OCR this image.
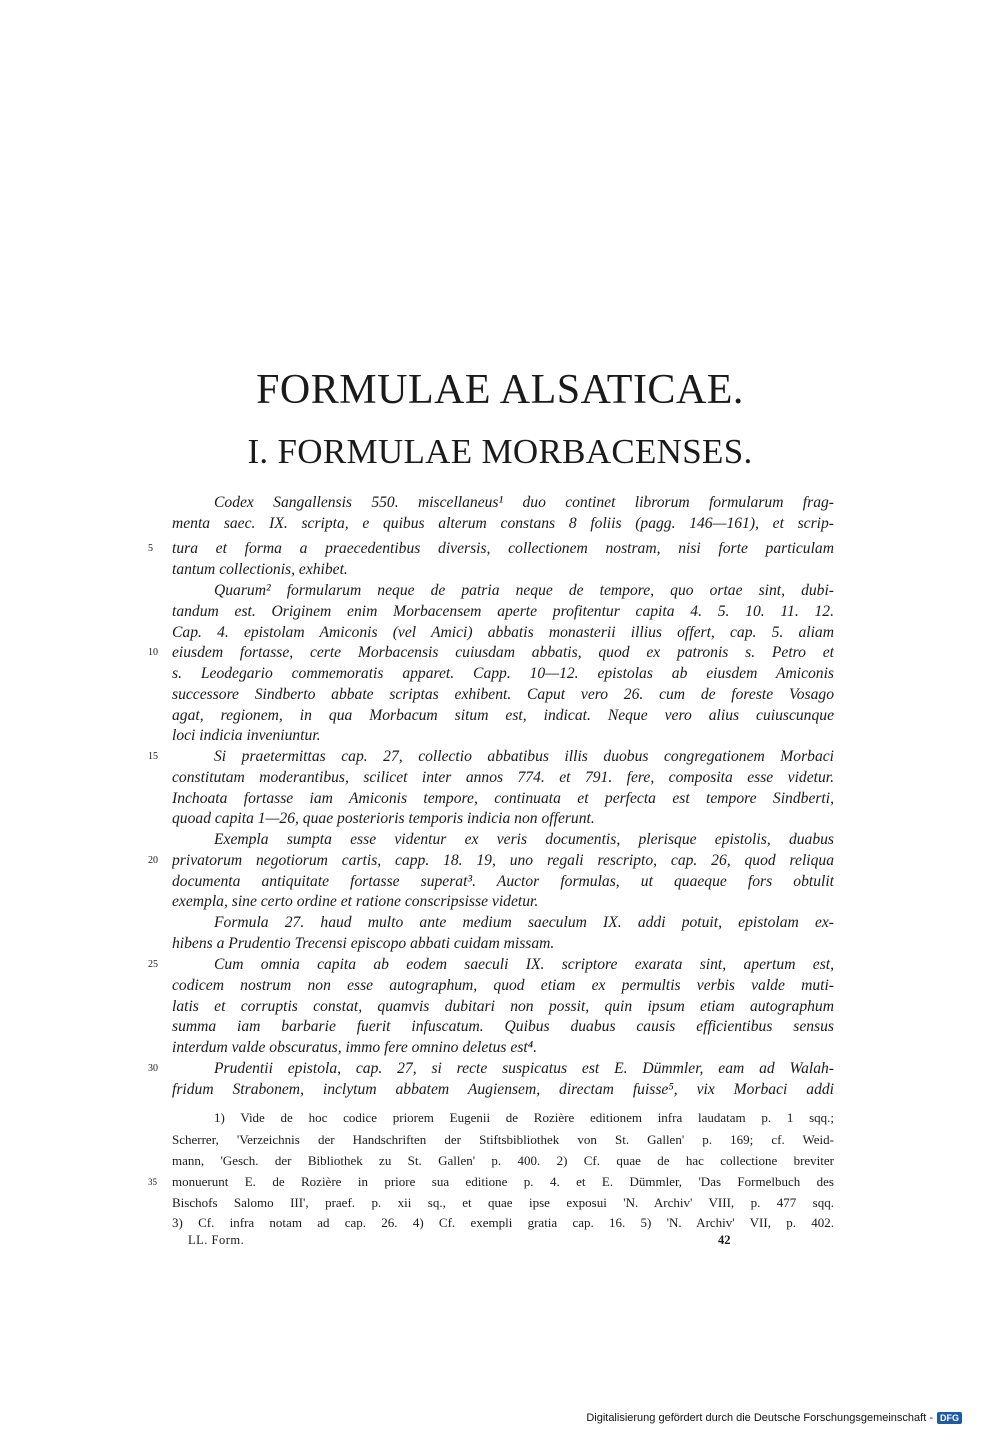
FORMULAE ALSATICAE.
I. FORMULAE MORBACENSES.
Codex Sangallensis 550. miscellaneus¹ duo continet librorum formularum frag-
menta saec. IX. scripta, e quibus alterum constans 8 foliis (pagg. 146—161), et scrip-
tura et forma a praecedentibus diversis, collectionem nostram, nisi forte particulam
tantum collectionis, exhibet.
Quarum² formularum neque de patria neque de tempore, quo ortae sint, dubi-
tandum est. Originem enim Morbacensem aperte profitentur capita 4. 5. 10. 11. 12.
Cap. 4. epistolam Amiconis (vel Amici) abbatis monasterii illius offert, cap. 5. aliam
eiusdem fortasse, certe Morbacensis cuiusdam abbatis, quod ex patronis s. Petro et
s. Leodegario commemoratis apparet. Capp. 10—12. epistolas ab eiusdem Amiconis
successore Sindberto abbate scriptas exhibent. Caput vero 26. cum de foreste Vosago
agat, regionem, in qua Morbacum situm est, indicat. Neque vero alius cuiuscunque
loci indicia inveniuntur.
Si praetermittas cap. 27, collectio abbatibus illis duobus congregationem Morbaci
constitutam moderantibus, scilicet inter annos 774. et 791. fere, composita esse videtur.
Inchoata fortasse iam Amiconis tempore, continuata et perfecta est tempore Sindberti,
quoad capita 1—26, quae posterioris temporis indicia non offerunt.
Exempla sumpta esse videntur ex veris documentis, plerisque epistolis, duabus
privatorum negotiorum cartis, capp. 18. 19, uno regali rescripto, cap. 26, quod reliqua
documenta antiquitate fortasse superat³. Auctor formulas, ut quaeque fors obtulit
exempla, sine certo ordine et ratione conscripsisse videtur.
Formula 27. haud multo ante medium saeculum IX. addi potuit, epistolam ex-
hibens a Prudentio Trecensi episcopo abbati cuidam missam.
Cum omnia capita ab eodem saeculi IX. scriptore exarata sint, apertum est,
codicem nostrum non esse autographum, quod etiam ex permultis verbis valde muti-
latis et corruptis constat, quamvis dubitari non possit, quin ipsum etiam autographum
summa iam barbarie fuerit infuscatum. Quibus duabus causis efficientibus sensus
interdum valde obscuratus, immo fere omnino deletus est⁴.
Prudentii epistola, cap. 27, si recte suspicatus est E. Dümmler, eam ad Walah-
fridum Strabonem, inclytum abbatem Augiensem, directam fuisse⁵, vix Morbaci addi
5
10
15
20
25
30
1) Vide de hoc codice priorem Eugenii de Rozière editionem infra laudatam p. 1 sqq.;
Scherrer, 'Verzeichnis der Handschriften der Stiftsbibliothek von St. Gallen' p. 169; cf. Weid-
mann, 'Gesch. der Bibliothek zu St. Gallen' p. 400. 2) Cf. quae de hac collectione breviter
monuerunt E. de Rozière in priore sua editione p. 4. et E. Dümmler, 'Das Formelbuch des
Bischofs Salomo III', praef. p. xii sq., et quae ipse exposui 'N. Archiv' VIII, p. 477 sqq.
3) Cf. infra notam ad cap. 26. 4) Cf. exempli gratia cap. 16. 5) 'N. Archiv' VII, p. 402.
35
LL. Form.	42
Digitalisierung gefördert durch die Deutsche Forschungsgemeinschaft - DFG
